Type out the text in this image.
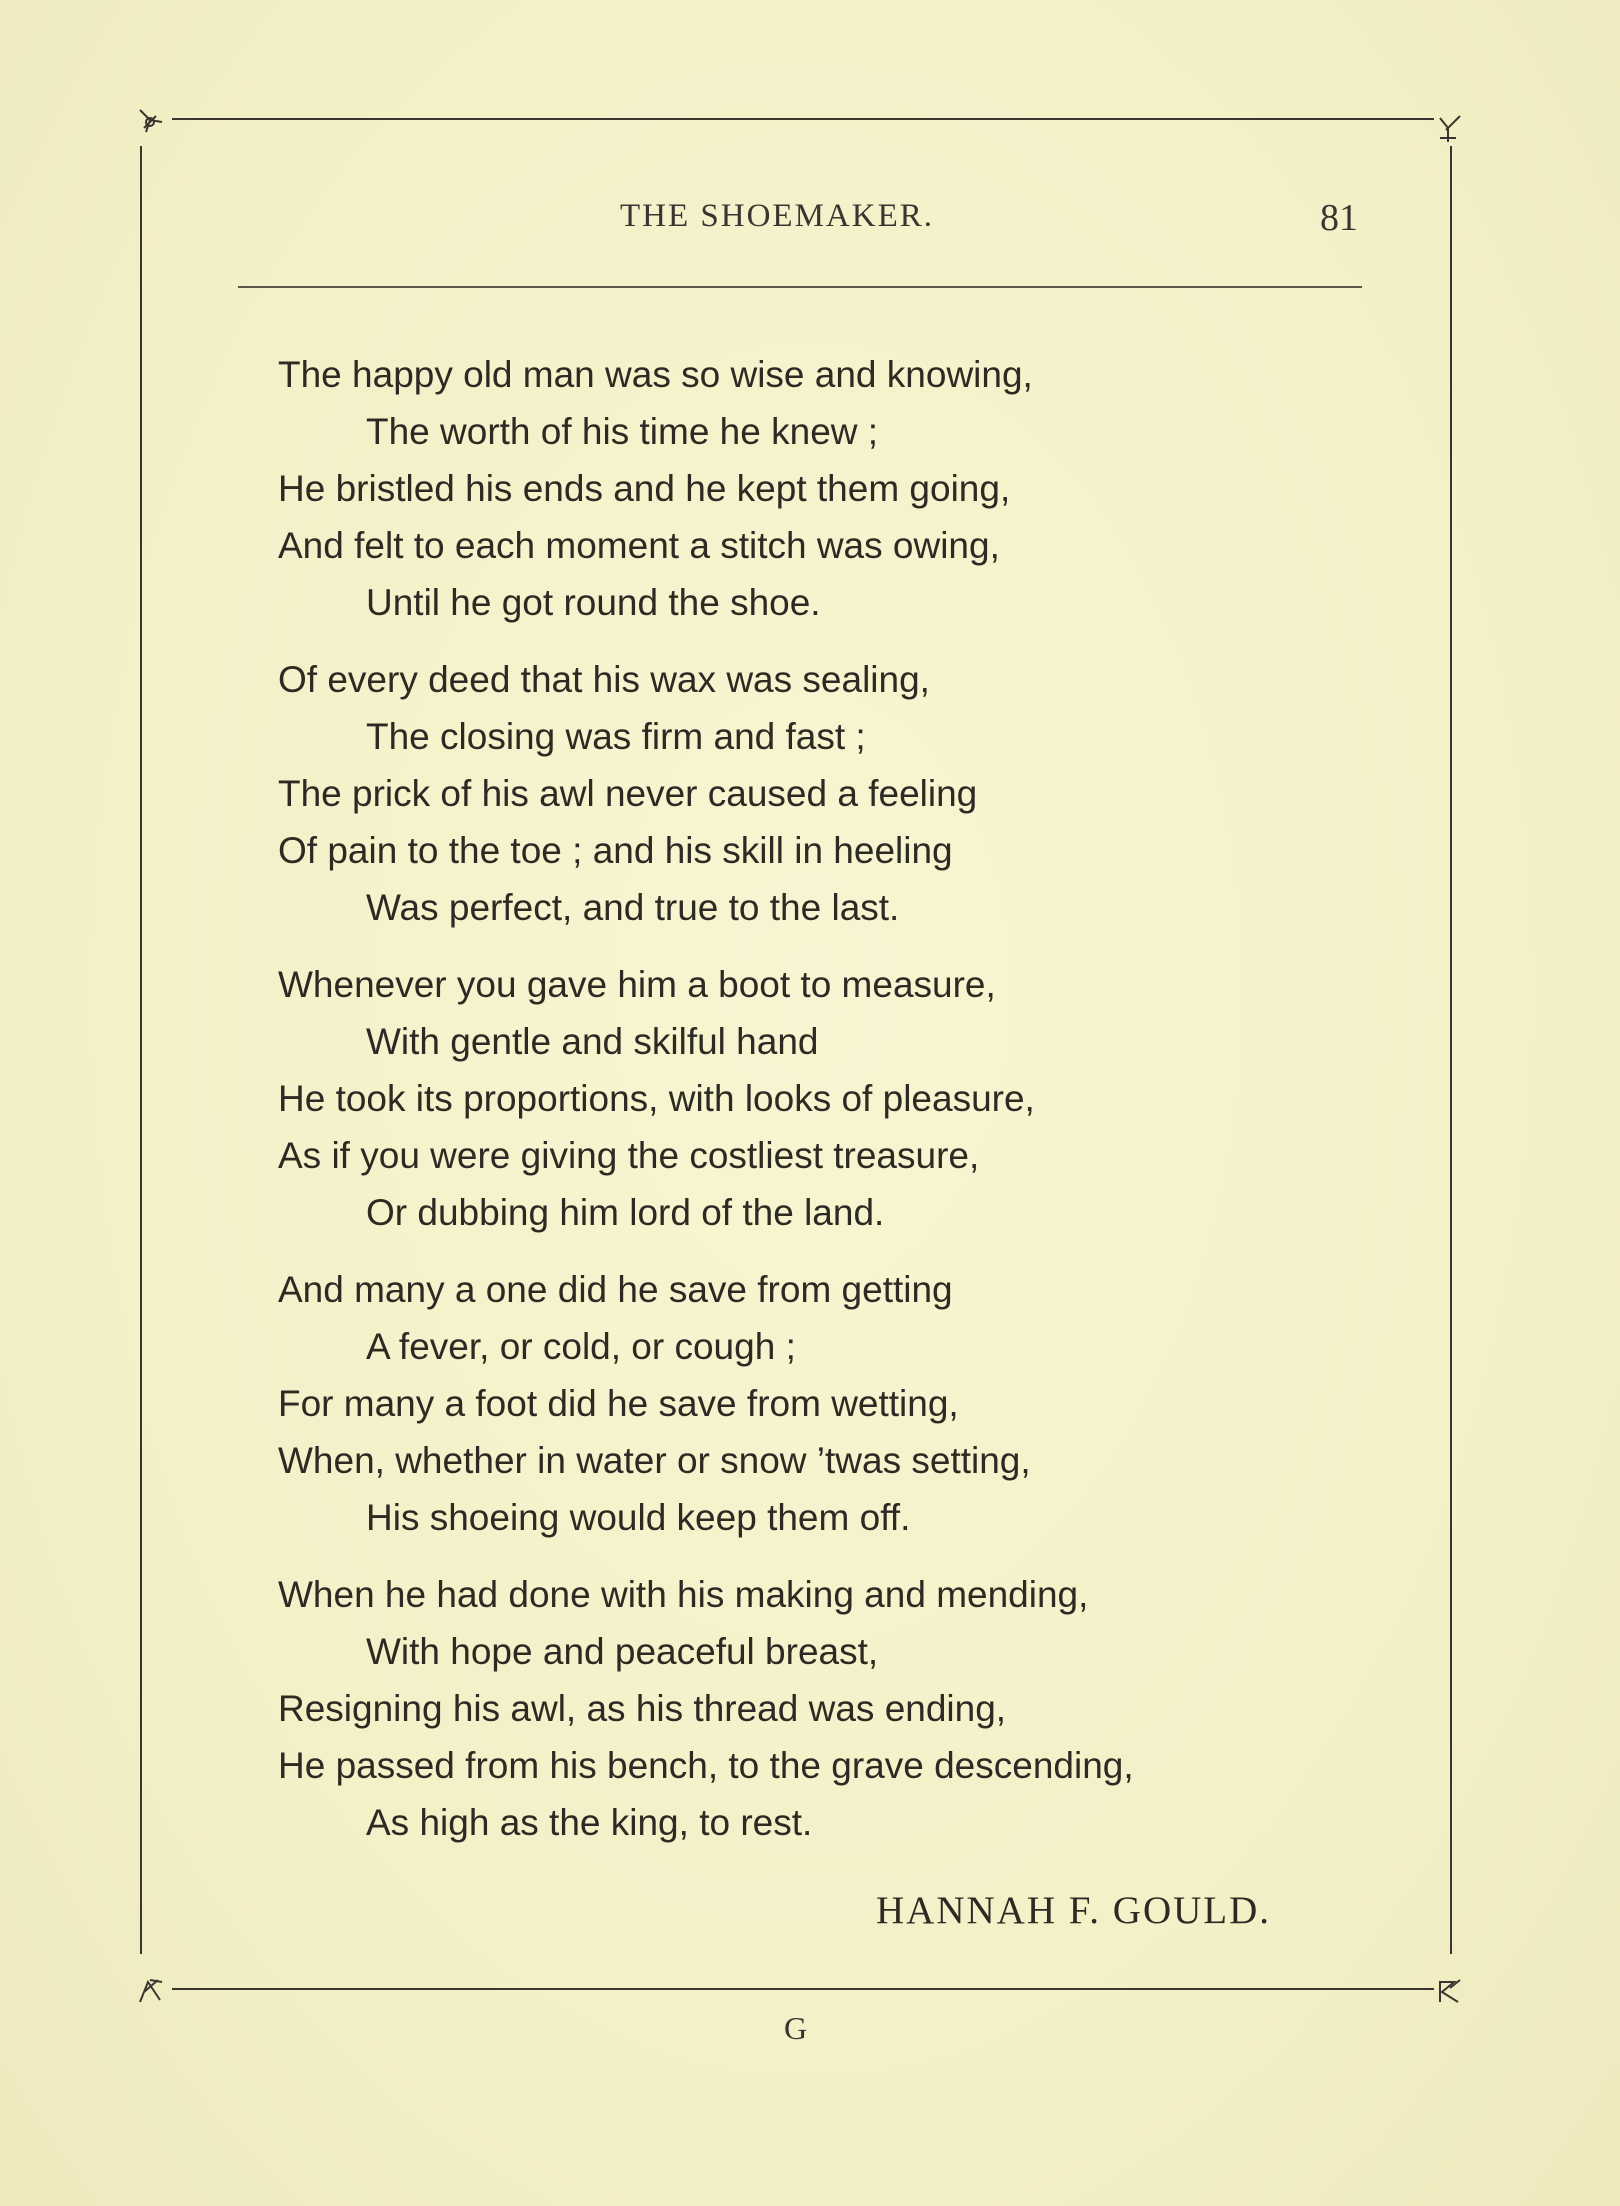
THE SHOEMAKER.	81
The happy old man was so wise and knowing,
The worth of his time he knew ;
He bristled his ends and he kept them going,
And felt to each moment a stitch was owing,
Until he got round the shoe.
Of every deed that his wax was sealing,
The closing was firm and fast ;
The prick of his awl never caused a feeling
Of pain to the toe ; and his skill in heeling
Was perfect, and true to the last.
Whenever you gave him a boot to measure,
With gentle and skilful hand
He took its proportions, with looks of pleasure,
As if you were giving the costliest treasure,
Or dubbing him lord of the land.
And many a one did he save from getting
A fever, or cold, or cough ;
For many a foot did he save from wetting,
When, whether in water or snow ’twas setting,
His shoeing would keep them off.
When he had done with his making and mending,
With hope and peaceful breast,
Resigning his awl, as his thread was ending,
He passed from his bench, to the grave descending,
As high as the king, to rest.
HANNAH F. GOULD.
G
